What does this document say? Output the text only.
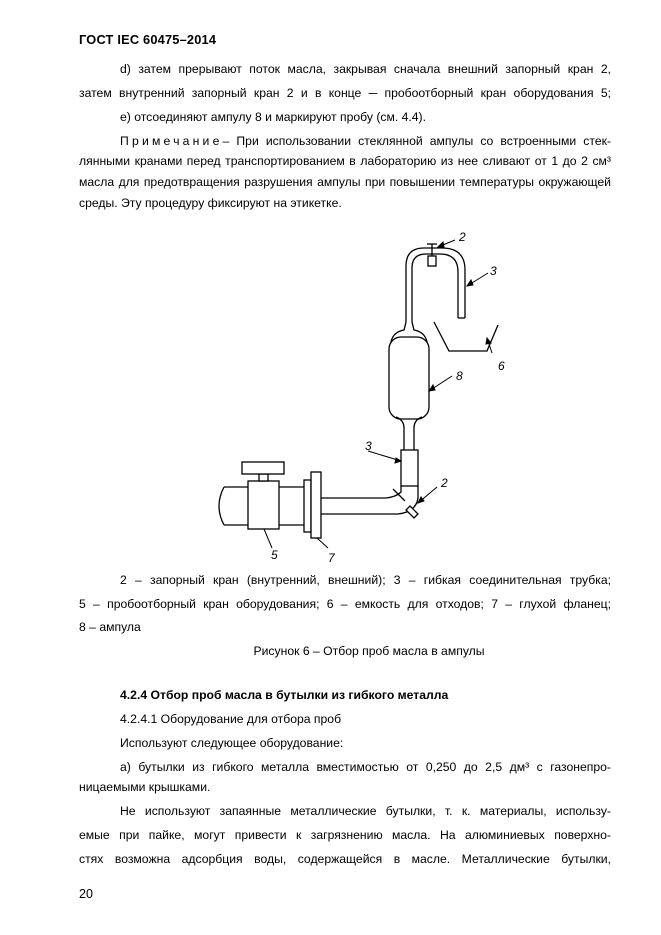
ГОСТ IEC 60475–2014
d) затем прерывают поток масла, закрывая сначала внешний запорный кран 2,
затем внутренний запорный кран 2 и в конце ─ пробоотборный кран оборудования 5;
e) отсоединяют ампулу 8 и маркируют пробу (см. 4.4).
Примечание – При использовании стеклянной ампулы со встроенными стек-
лянными кранами перед транспортированием в лабораторию из нее сливают от 1 до 2 см³
масла для предотвращения разрушения ампулы при повышении температуры окружающей
среды. Эту процедуру фиксируют на этикетке.
2
3
6
8
3
2
5	7
2 – запорный кран (внутренний, внешний); 3 – гибкая соединительная трубка;
5 – пробоотборный кран оборудования; 6 – емкость для отходов; 7 – глухой фланец;
8 – ампула
Рисунок 6 – Отбор проб масла в ампулы
4.2.4 Отбор проб масла в бутылки из гибкого металла
4.2.4.1 Оборудование для отбора проб
Используют следующее оборудование:
a) бутылки из гибкого металла вместимостью от 0,250 до 2,5 дм³ с газонепро-
ницаемыми крышками.
Не используют запаянные металлические бутылки, т. к. материалы, использу-
емые при пайке, могут привести к загрязнению масла. На алюминиевых поверхно-
стях возможна адсорбция воды, содержащейся в масле. Металлические бутылки,
20
